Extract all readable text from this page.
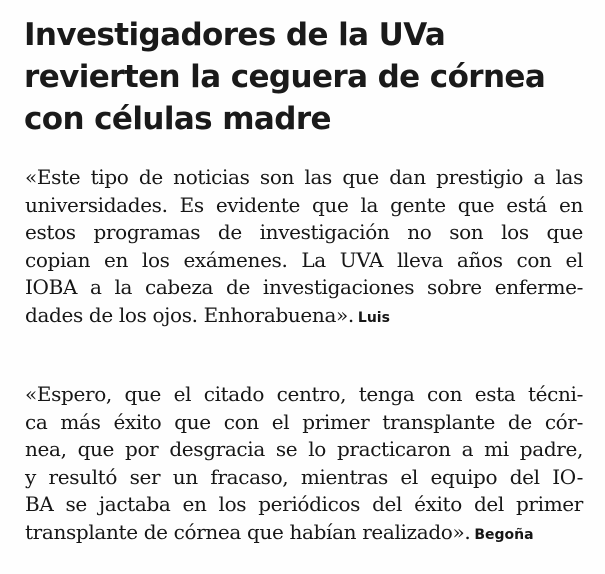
Investigadores de la UVa
revierten la ceguera de córnea
con células madre
«Este tipo de noticias son las que dan prestigio a las
universidades. Es evidente que la gente que está en
estos programas de investigación no son los que
copian en los exámenes. La UVA lleva años con el
IOBA a la cabeza de investigaciones sobre enferme-
dades de los ojos. Enhorabuena». Luis
«Espero, que el citado centro, tenga con esta técni-
ca más éxito que con el primer transplante de cór-
nea, que por desgracia se lo practicaron a mi padre,
y resultó ser un fracaso, mientras el equipo del IO-
BA se jactaba en los periódicos del éxito del primer
transplante de córnea que habían realizado». Begoña
